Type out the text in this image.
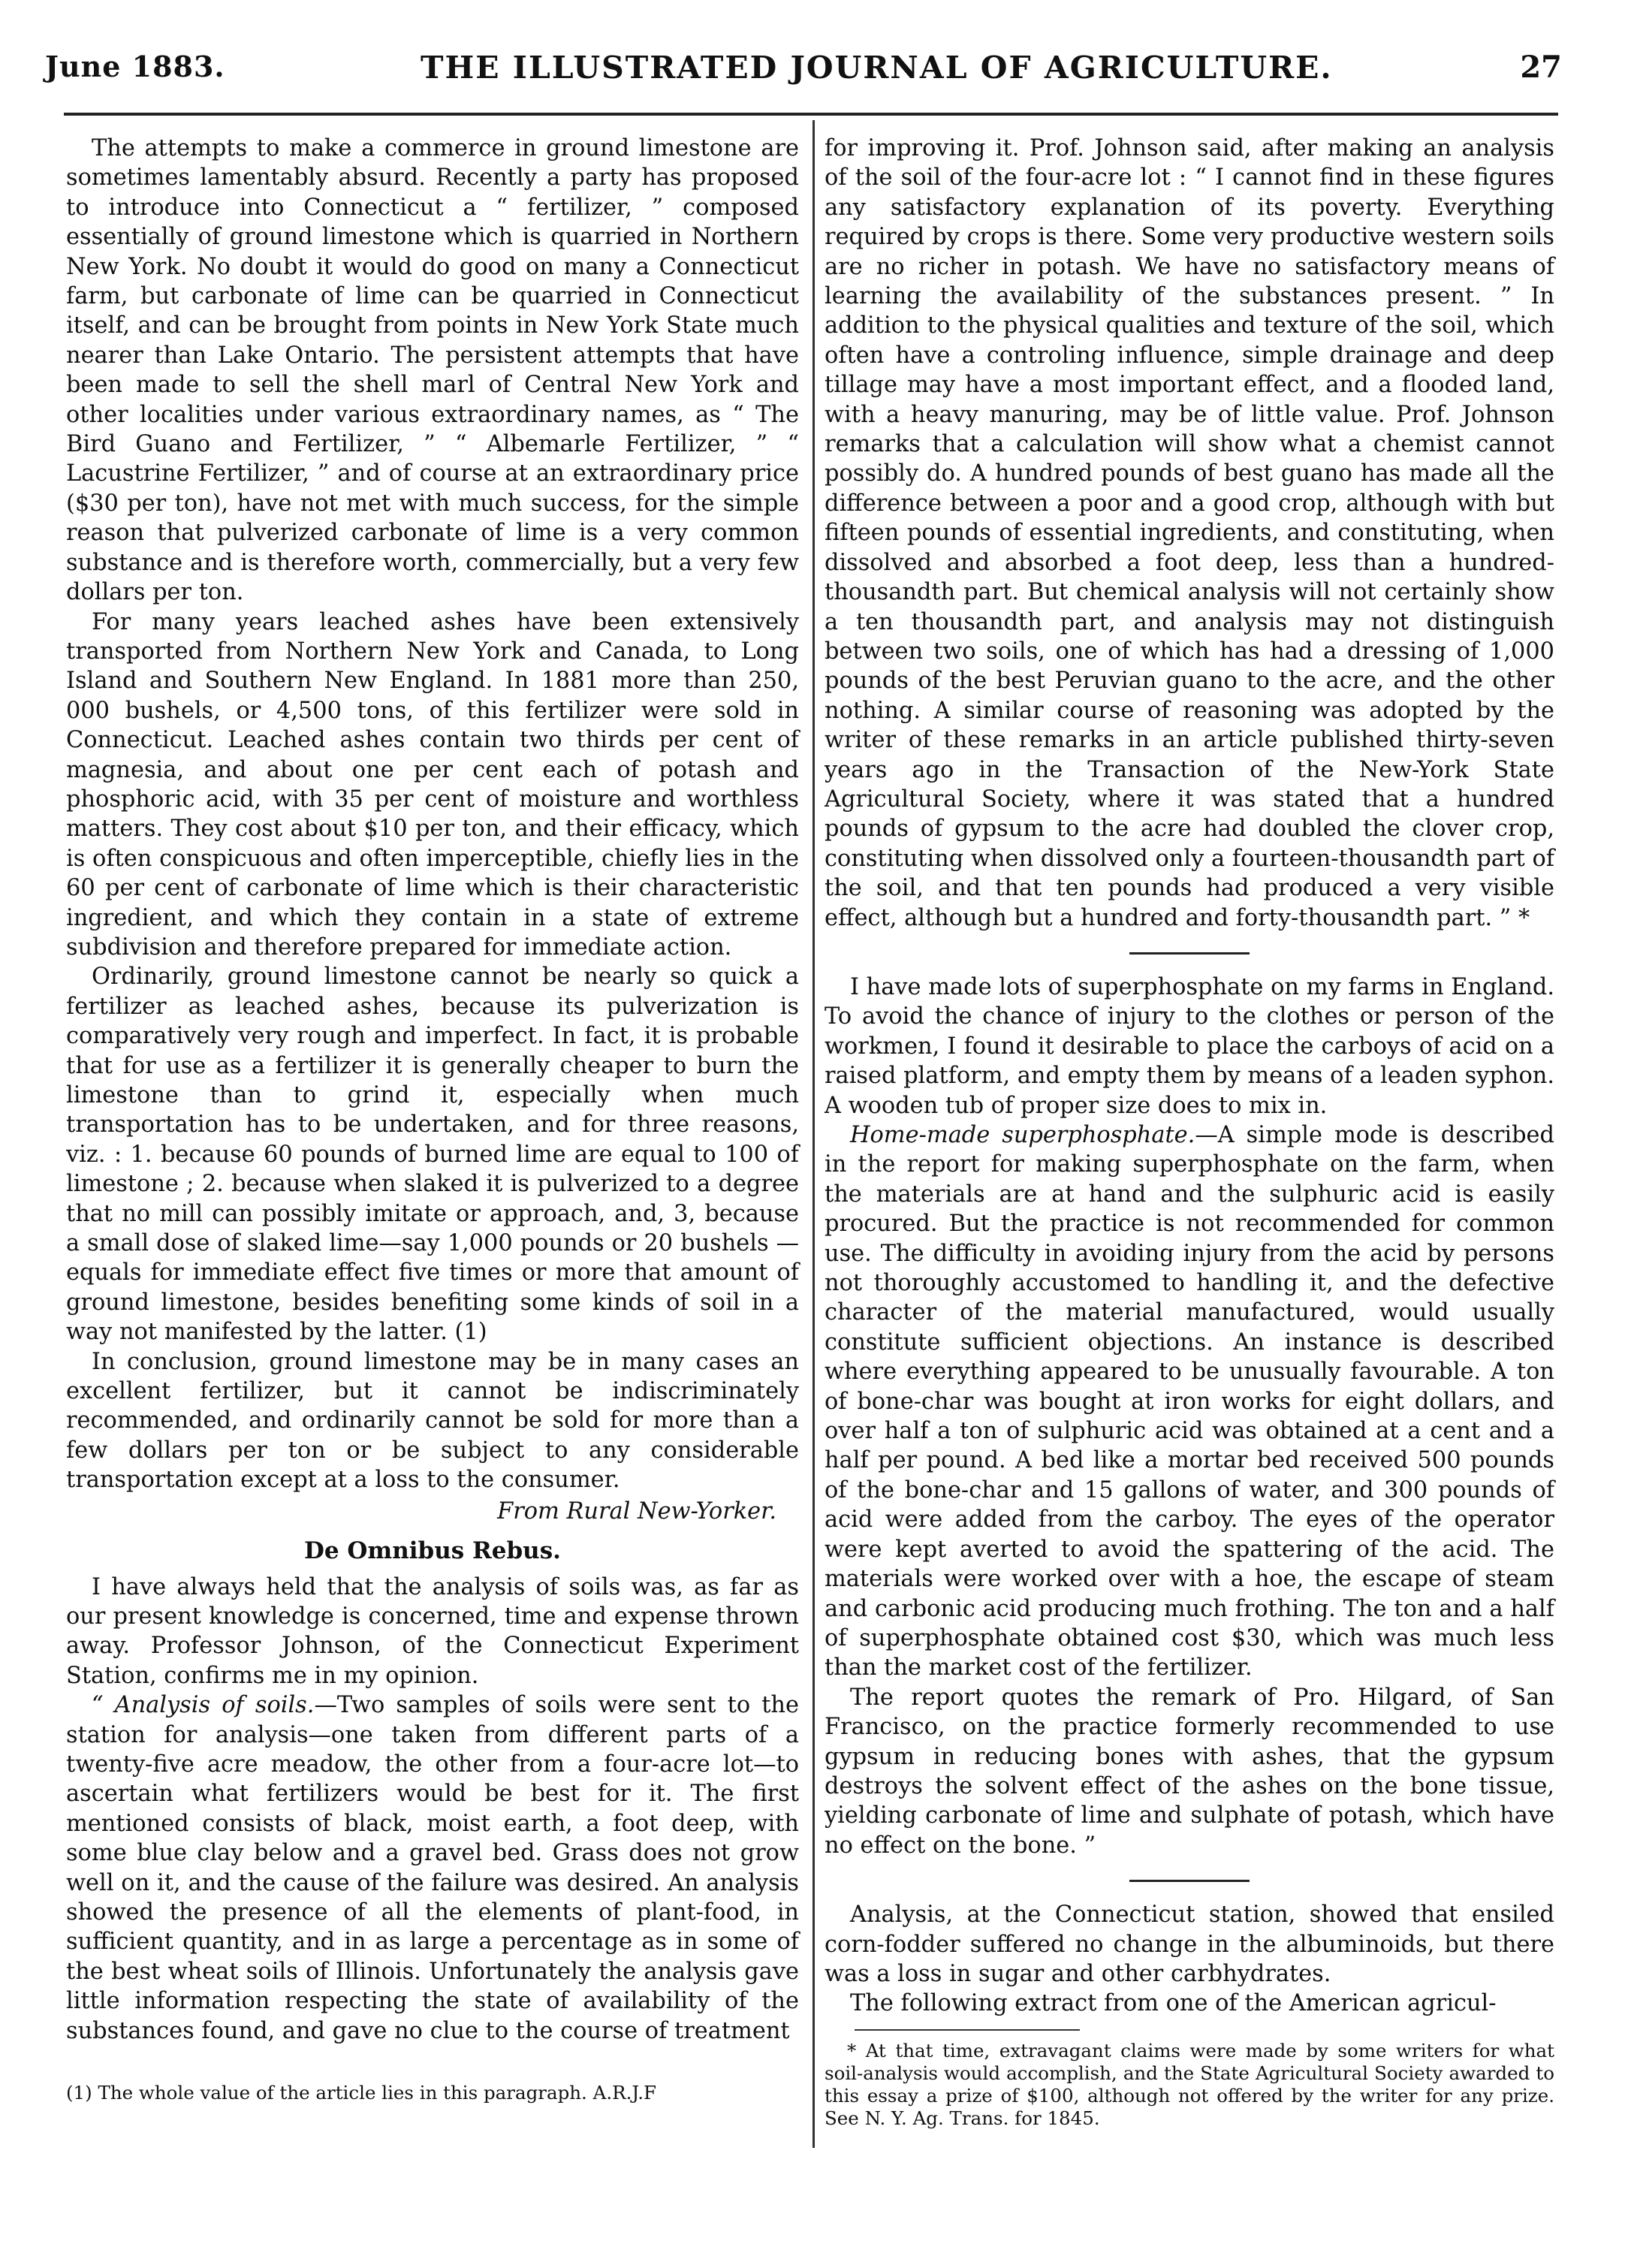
June 1883.	THE ILLUSTRATED JOURNAL OF AGRICULTURE.	27

The attempts to make a commerce in ground limestone are sometimes lamentably absurd. Recently a party has proposed to introduce into Connecticut a “ fertilizer, ” composed essentially of ground limestone which is quarried in Northern New York. No doubt it would do good on many a Connecticut farm, but carbonate of lime can be quarried in Connecticut itself, and can be brought from points in New York State much nearer than Lake Ontario. The persistent attempts that have been made to sell the shell marl of Central New York and other localities under various extraordinary names, as “ The Bird Guano and Fertilizer, ” “ Albemarle Fertilizer, ” “ Lacustrine Fertilizer, ” and of course at an extraordinary price ($30 per ton), have not met with much success, for the simple reason that pulverized carbonate of lime is a very common substance and is therefore worth, commercially, but a very few dollars per ton.

For many years leached ashes have been extensively transported from Northern New York and Canada, to Long Island and Southern New England. In 1881 more than 250, 000 bushels, or 4,500 tons, of this fertilizer were sold in Connecticut. Leached ashes contain two thirds per cent of magnesia, and about one per cent each of potash and phosphoric acid, with 35 per cent of moisture and worthless matters. They cost about $10 per ton, and their efficacy, which is often conspicuous and often imperceptible, chiefly lies in the 60 per cent of carbonate of lime which is their characteristic ingredient, and which they contain in a state of extreme subdivision and therefore prepared for immediate action.

Ordinarily, ground limestone cannot be nearly so quick a fertilizer as leached ashes, because its pulverization is comparatively very rough and imperfect. In fact, it is probable that for use as a fertilizer it is generally cheaper to burn the limestone than to grind it, especially when much transportation has to be undertaken, and for three reasons, viz. : 1. because 60 pounds of burned lime are equal to 100 of limestone ; 2. because when slaked it is pulverized to a degree that no mill can possibly imitate or approach, and, 3, because a small dose of slaked lime—say 1,000 pounds or 20 bushels —equals for immediate effect five times or more that amount of ground limestone, besides benefiting some kinds of soil in a way not manifested by the latter. (1)

In conclusion, ground limestone may be in many cases an excellent fertilizer, but it cannot be indiscriminately recommended, and ordinarily cannot be sold for more than a few dollars per ton or be subject to any considerable transportation except at a loss to the consumer.

From Rural New-Yorker.
De Omnibus Rebus.

I have always held that the analysis of soils was, as far as our present knowledge is concerned, time and expense thrown away. Professor Johnson, of the Connecticut Experiment Station, confirms me in my opinion.

“ Analysis of soils.—Two samples of soils were sent to the station for analysis—one taken from different parts of a twenty-five acre meadow, the other from a four-acre lot—to ascertain what fertilizers would be best for it. The first mentioned consists of black, moist earth, a foot deep, with some blue clay below and a gravel bed. Grass does not grow well on it, and the cause of the failure was desired. An analysis showed the presence of all the elements of plant-food, in sufficient quantity, and in as large a percentage as in some of the best wheat soils of Illinois. Unfortunately the analysis gave little information respecting the state of availability of the substances found, and gave no clue to the course of treatment

(1) The whole value of the article lies in this paragraph. A.R.J.F

for improving it. Prof. Johnson said, after making an analysis of the soil of the four-acre lot : “ I cannot find in these figures any satisfactory explanation of its poverty. Everything required by crops is there. Some very productive western soils are no richer in potash. We have no satisfactory means of learning the availability of the substances present. ” In addition to the physical qualities and texture of the soil, which often have a controling influence, simple drainage and deep tillage may have a most important effect, and a flooded land, with a heavy manuring, may be of little value. Prof. Johnson remarks that a calculation will show what a chemist cannot possibly do. A hundred pounds of best guano has made all the difference between a poor and a good crop, although with but fifteen pounds of essential ingredients, and constituting, when dissolved and absorbed a foot deep, less than a hundred-thousandth part. But chemical analysis will not certainly show a ten thousandth part, and analysis may not distinguish between two soils, one of which has had a dressing of 1,000 pounds of the best Peruvian guano to the acre, and the other nothing. A similar course of reasoning was adopted by the writer of these remarks in an article published thirty-seven years ago in the Transaction of the New-York State Agricultural Society, where it was stated that a hundred pounds of gypsum to the acre had doubled the clover crop, constituting when dissolved only a fourteen-thousandth part of the soil, and that ten pounds had produced a very visible effect, although but a hundred and forty-thousandth part. ” *

I have made lots of superphosphate on my farms in England. To avoid the chance of injury to the clothes or person of the workmen, I found it desirable to place the carboys of acid on a raised platform, and empty them by means of a leaden syphon. A wooden tub of proper size does to mix in.

Home-made superphosphate.—A simple mode is described in the report for making superphosphate on the farm, when the materials are at hand and the sulphuric acid is easily procured. But the practice is not recommended for common use. The difficulty in avoiding injury from the acid by persons not thoroughly accustomed to handling it, and the defective character of the material manufactured, would usually constitute sufficient objections. An instance is described where everything appeared to be unusually favourable. A ton of bone-char was bought at iron works for eight dollars, and over half a ton of sulphuric acid was obtained at a cent and a half per pound. A bed like a mortar bed received 500 pounds of the bone-char and 15 gallons of water, and 300 pounds of acid were added from the carboy. The eyes of the operator were kept averted to avoid the spattering of the acid. The materials were worked over with a hoe, the escape of steam and carbonic acid producing much frothing. The ton and a half of superphosphate obtained cost $30, which was much less than the market cost of the fertilizer.

The report quotes the remark of Pro. Hilgard, of San Francisco, on the practice formerly recommended to use gypsum in reducing bones with ashes, that the gypsum destroys the solvent effect of the ashes on the bone tissue, yielding carbonate of lime and sulphate of potash, which have no effect on the bone. ”

Analysis, at the Connecticut station, showed that ensiled corn-fodder suffered no change in the albuminoids, but there was a loss in sugar and other carbhydrates.

The following extract from one of the American agricul-

* At that time, extravagant claims were made by some writers for what soil-analysis would accomplish, and the State Agricultural Society awarded to this essay a prize of $100, although not offered by the writer for any prize. See N. Y. Ag. Trans. for 1845.
